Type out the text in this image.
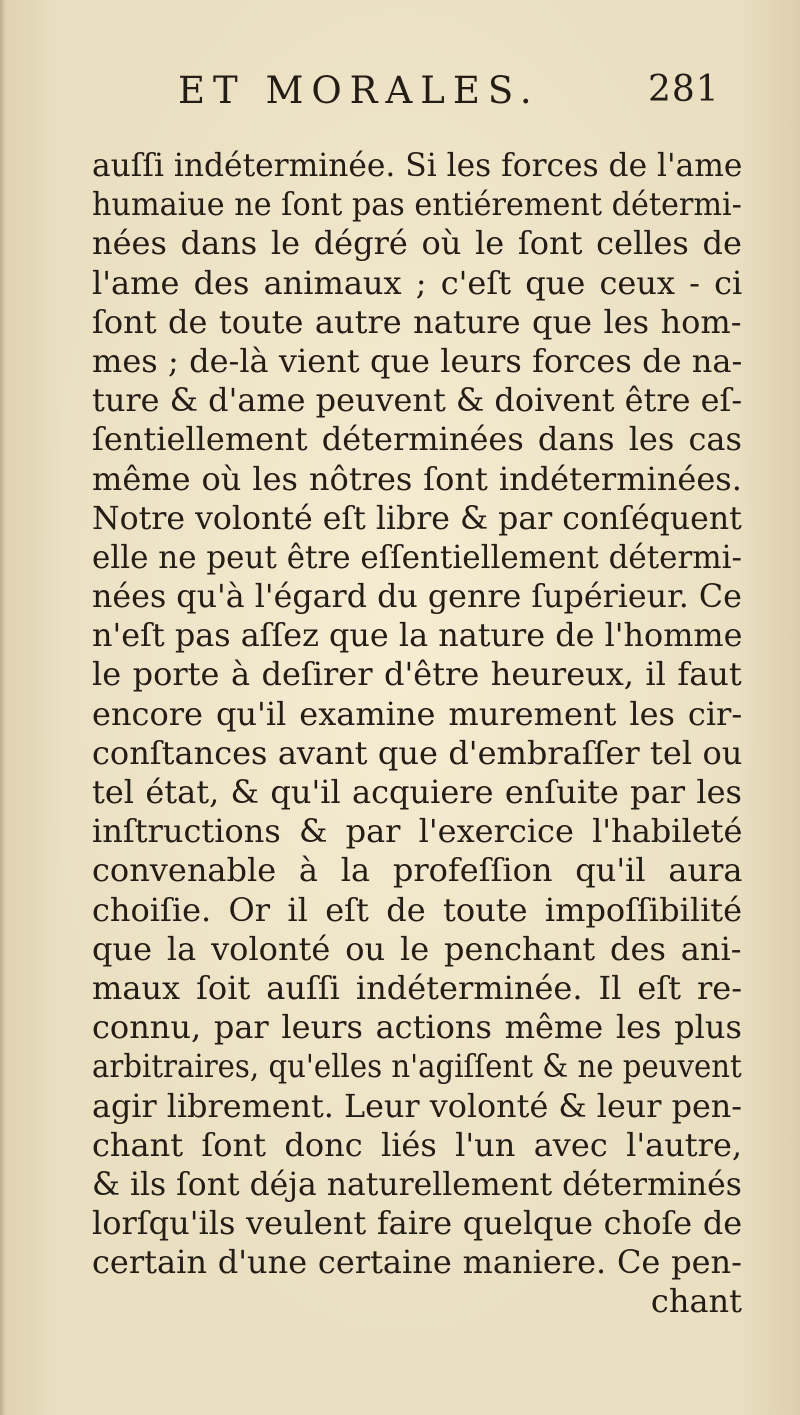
ET MORALES.	281
auſſi indéterminée. Si les forces de l'ame
humaiue ne ſont pas entiérement détermi-
nées dans le dégré où le ſont celles de
l'ame des animaux ; c'eſt que ceux - ci
ſont de toute autre nature que les hom-
mes ; de-là vient que leurs forces de na-
ture & d'ame peuvent & doivent être eſ-
ſentiellement déterminées dans les cas
même où les nôtres ſont indéterminées.
Notre volonté eſt libre & par conſéquent
elle ne peut être eſſentiellement détermi-
nées qu'à l'égard du genre ſupérieur. Ce
n'eſt pas aſſez que la nature de l'homme
le porte à deſirer d'être heureux, il faut
encore qu'il examine murement les cir-
conſtances avant que d'embraſſer tel ou
tel état, & qu'il acquiere enſuite par les
inſtructions & par l'exercice l'habileté
convenable à la profeſſion qu'il aura
choiſie. Or il eſt de toute impoſſibilité
que la volonté ou le penchant des ani-
maux ſoit auſſi indéterminée. Il eſt re-
connu, par leurs actions même les plus
arbitraires, qu'elles n'agiſſent & ne peuvent
agir librement. Leur volonté & leur pen-
chant ſont donc liés l'un avec l'autre,
& ils ſont déja naturellement déterminés
lorſqu'ils veulent faire quelque choſe de
certain d'une certaine maniere. Ce pen-
chant
